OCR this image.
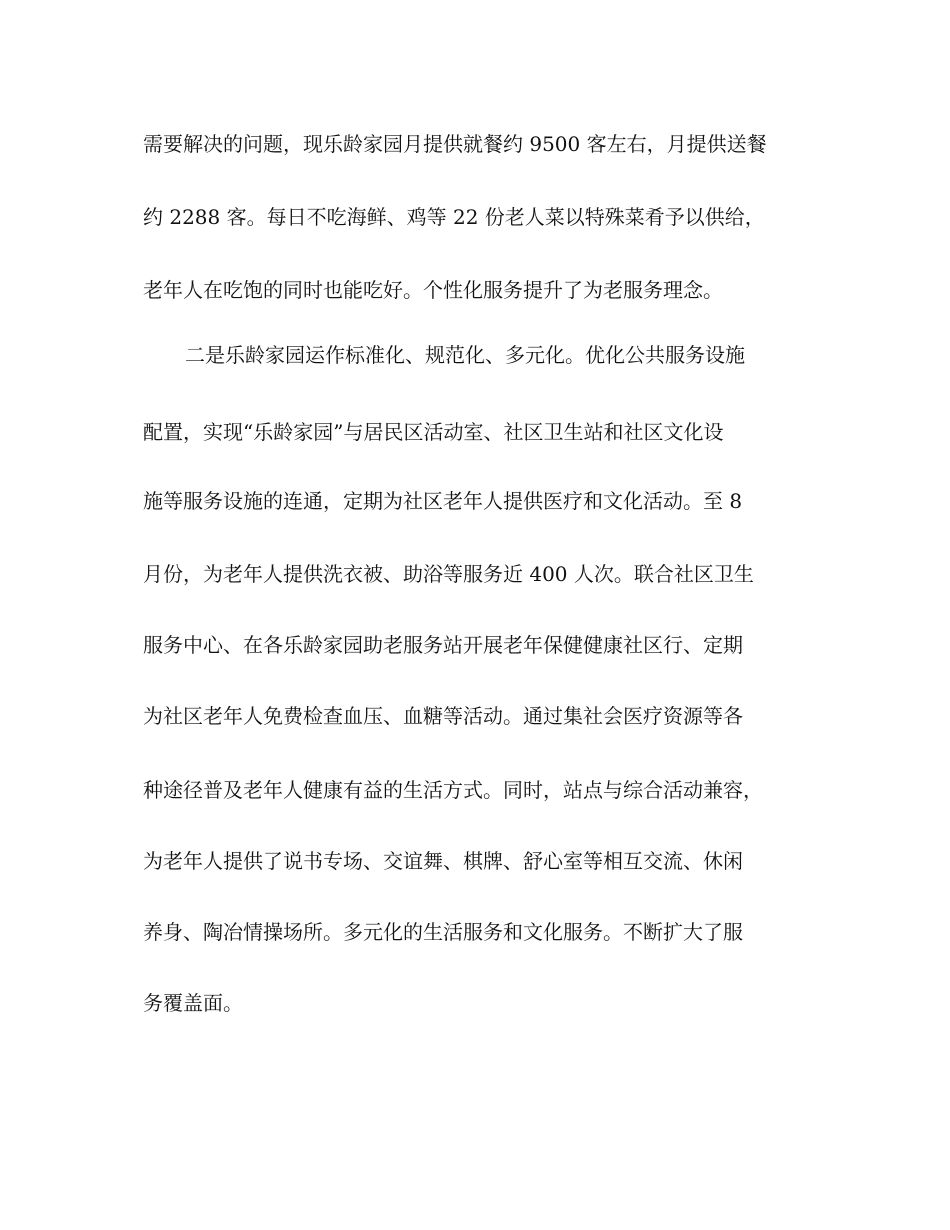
需要解决的问题，现乐龄家园月提供就餐约 9500 客左右，月提供送餐
约 2288 客。每日不吃海鲜、鸡等 22 份老人菜以特殊菜肴予以供给，
老年人在吃饱的同时也能吃好。个性化服务提升了为老服务理念。
二是乐龄家园运作标准化、规范化、多元化。优化公共服务设施
配置，实现“乐龄家园”与居民区活动室、社区卫生站和社区文化设
施等服务设施的连通，定期为社区老年人提供医疗和文化活动。至 8
月份，为老年人提供洗衣被、助浴等服务近 400 人次。联合社区卫生
服务中心、在各乐龄家园助老服务站开展老年保健健康社区行、定期
为社区老年人免费检查血压、血糖等活动。通过集社会医疗资源等各
种途径普及老年人健康有益的生活方式。同时，站点与综合活动兼容，
为老年人提供了说书专场、交谊舞、棋牌、舒心室等相互交流、休闲
养身、陶冶情操场所。多元化的生活服务和文化服务。不断扩大了服
务覆盖面。
